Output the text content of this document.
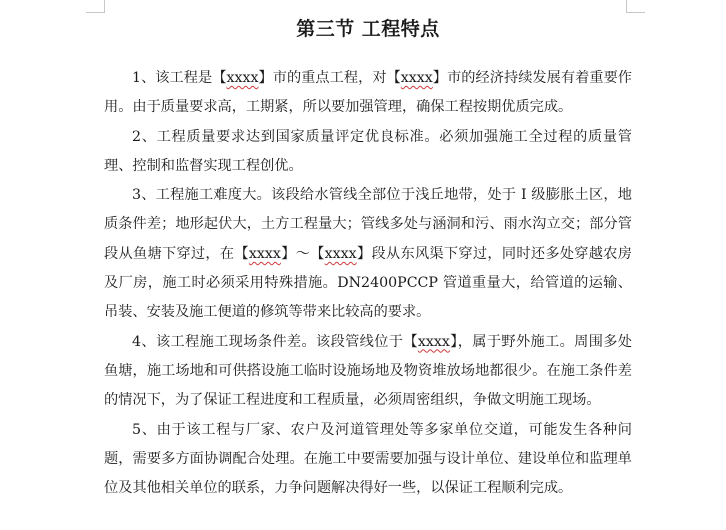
第三节 工程特点

1、该工程是【xxxx】市的重点工程，对【xxxx】市的经济持续发展有着重要作用。由于质量要求高，工期紧，所以要加强管理，确保工程按期优质完成。

2、工程质量要求达到国家质量评定优良标准。必须加强施工全过程的质量管理、控制和监督实现工程创优。

3、工程施工难度大。该段给水管线全部位于浅丘地带，处于 I 级膨胀土区，地质条件差；地形起伏大，土方工程量大；管线多处与涵洞和污、雨水沟立交；部分管段从鱼塘下穿过，在【xxxx】～【xxxx】段从东风渠下穿过，同时还多处穿越农房及厂房，施工时必须采用特殊措施。DN2400PCCP 管道重量大，给管道的运输、吊装、安装及施工便道的修筑等带来比较高的要求。

4、该工程施工现场条件差。该段管线位于【xxxx】，属于野外施工。周围多处鱼塘，施工场地和可供搭设施工临时设施场地及物资堆放场地都很少。在施工条件差的情况下，为了保证工程进度和工程质量，必须周密组织，争做文明施工现场。

5、由于该工程与厂家、农户及河道管理处等多家单位交道，可能发生各种问题，需要多方面协调配合处理。在施工中要需要加强与设计单位、建设单位和监理单位及其他相关单位的联系，力争问题解决得好一些，以保证工程顺利完成。
